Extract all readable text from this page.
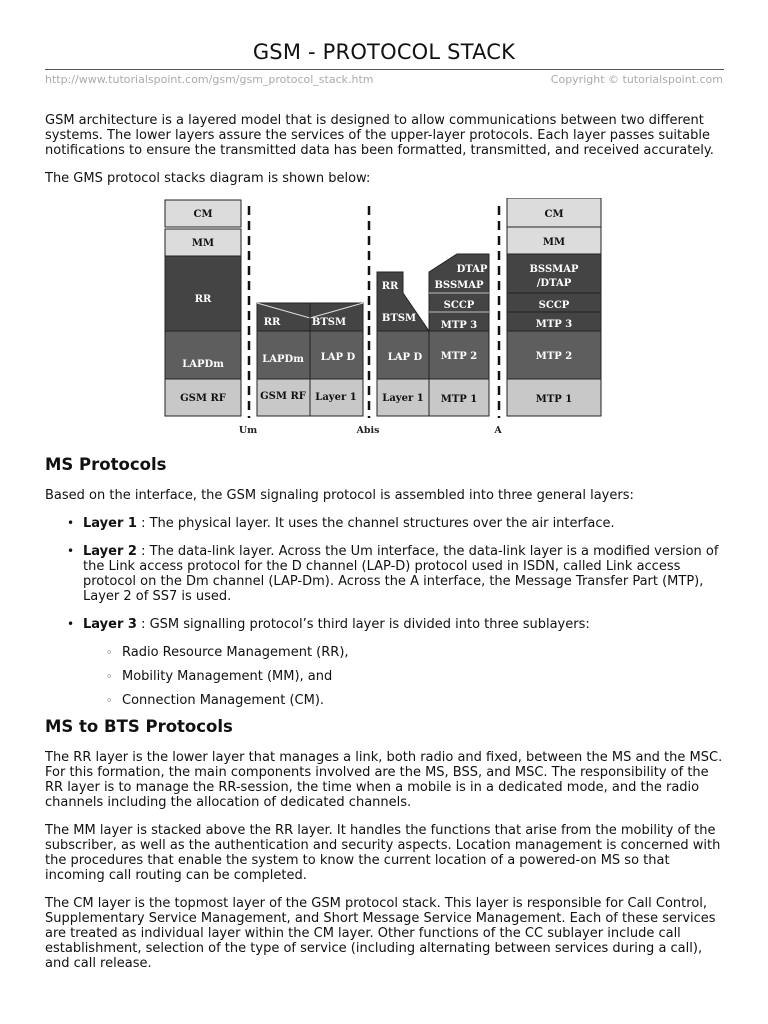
GSM - PROTOCOL STACK
http://www.tutorialspoint.com/gsm/gsm_protocol_stack.htm	Copyright © tutorialspoint.com

GSM architecture is a layered model that is designed to allow communications between two different systems. The lower layers assure the services of the upper-layer protocols. Each layer passes suitable notifications to ensure the transmitted data has been formatted, transmitted, and received accurately.

The GMS protocol stacks diagram is shown below:

CM
MM
RR
LAPDm
GSM RF
RR	BTSM
LAPDm LAP D
GSM RF Layer 1
RR
BTSM
LAP D
Layer 1
DTAP
BSSMAP
SCCP
MTP 3
MTP 2
MTP 1
CM
MM
BSSMAP
/DTAP
SCCP
MTP 3
MTP 2
MTP 1
Um	Abis	A
MS Protocols

Based on the interface, the GSM signaling protocol is assembled into three general layers:

• Layer 1 : The physical layer. It uses the channel structures over the air interface.
• Layer 2 : The data-link layer. Across the Um interface, the data-link layer is a modified version of the Link access protocol for the D channel (LAP-D) protocol used in ISDN, called Link access protocol on the Dm channel (LAP-Dm). Across the A interface, the Message Transfer Part (MTP), Layer 2 of SS7 is used.
• Layer 3 : GSM signalling protocol’s third layer is divided into three sublayers:
◦ Radio Resource Management (RR),
◦ Mobility Management (MM), and
◦ Connection Management (CM).
MS to BTS Protocols

The RR layer is the lower layer that manages a link, both radio and fixed, between the MS and the MSC. For this formation, the main components involved are the MS, BSS, and MSC. The responsibility of the RR layer is to manage the RR-session, the time when a mobile is in a dedicated mode, and the radio channels including the allocation of dedicated channels.

The MM layer is stacked above the RR layer. It handles the functions that arise from the mobility of the subscriber, as well as the authentication and security aspects. Location management is concerned with the procedures that enable the system to know the current location of a powered-on MS so that incoming call routing can be completed.

The CM layer is the topmost layer of the GSM protocol stack. This layer is responsible for Call Control, Supplementary Service Management, and Short Message Service Management. Each of these services are treated as individual layer within the CM layer. Other functions of the CC sublayer include call establishment, selection of the type of service (including alternating between services during a call), and call release.
